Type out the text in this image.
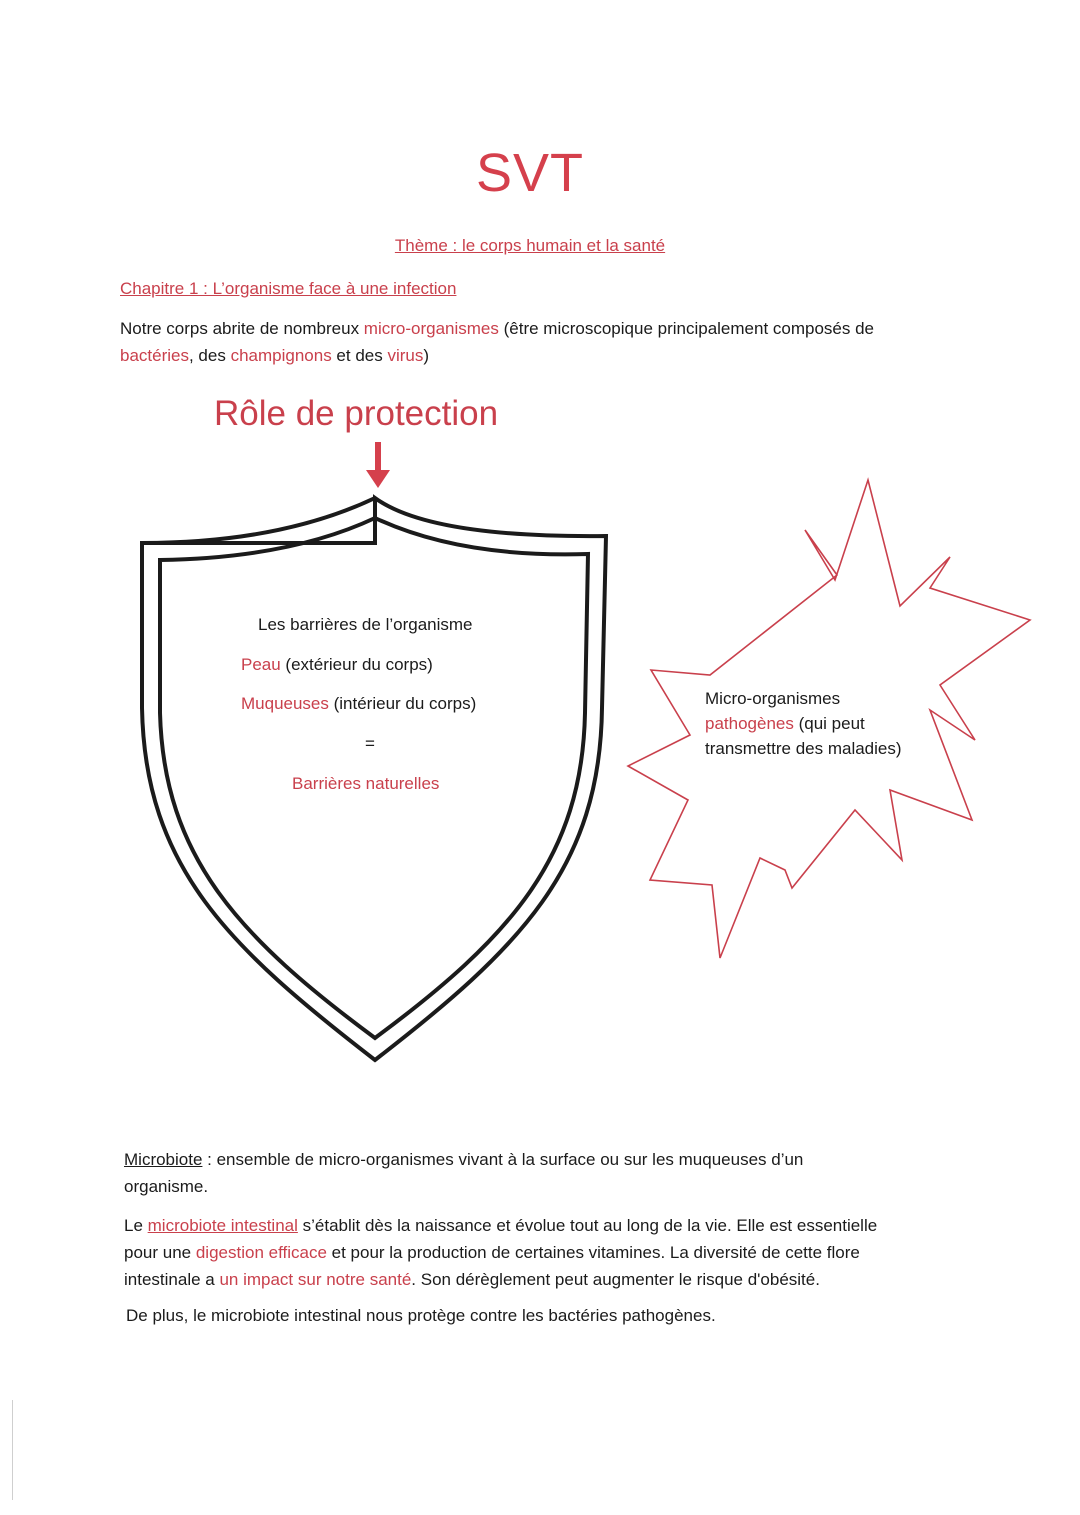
SVT
Thème : le corps humain et la santé
Chapitre 1 : L’organisme face à une infection
Notre corps abrite de nombreux micro-organismes (être microscopique principalement composés de
bactéries, des champignons et des virus)
Rôle de protection
Les barrières de l’organisme
Peau (extérieur du corps)
Muqueuses (intérieur du corps)
=
Barrières naturelles
Micro-organismes
pathogènes (qui peut
transmettre des maladies)
Microbiote : ensemble de micro-organismes vivant à la surface ou sur les muqueuses d’un
organisme.
Le microbiote intestinal s’établit dès la naissance et évolue tout au long de la vie. Elle est essentielle
pour une digestion efficace et pour la production de certaines vitamines. La diversité de cette flore
intestinale a un impact sur notre santé. Son dérèglement peut augmenter le risque d'obésité.
De plus, le microbiote intestinal nous protège contre les bactéries pathogènes.
